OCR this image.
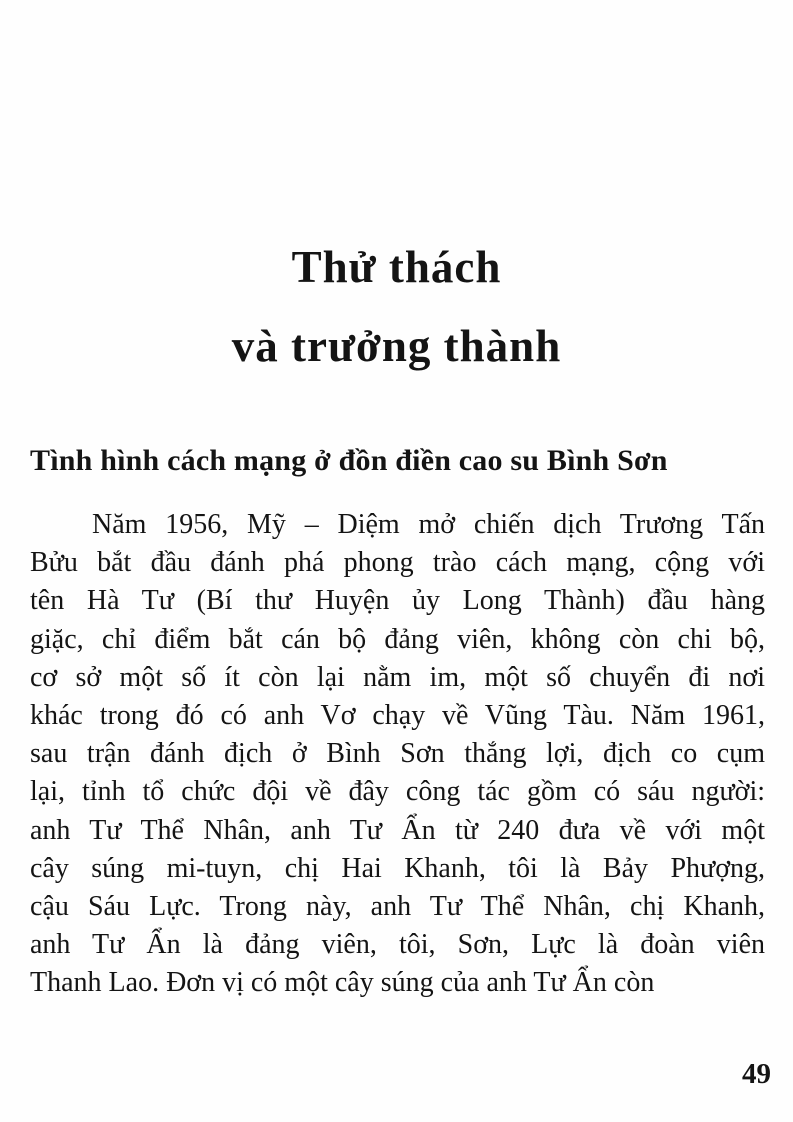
Thử thách
và trưởng thành
Tình hình cách mạng ở đồn điền cao su Bình Sơn
Năm 1956, Mỹ – Diệm mở chiến dịch Trương Tấn
Bửu bắt đầu đánh phá phong trào cách mạng, cộng với
tên Hà Tư (Bí thư Huyện ủy Long Thành) đầu hàng
giặc, chỉ điểm bắt cán bộ đảng viên, không còn chi bộ,
cơ sở một số ít còn lại nằm im, một số chuyển đi nơi
khác trong đó có anh Vơ chạy về Vũng Tàu. Năm 1961,
sau trận đánh địch ở Bình Sơn thắng lợi, địch co cụm
lại, tỉnh tổ chức đội về đây công tác gồm có sáu người:
anh Tư Thể Nhân, anh Tư Ẩn từ 240 đưa về với một
cây súng mi-tuyn, chị Hai Khanh, tôi là Bảy Phượng,
cậu Sáu Lực. Trong này, anh Tư Thể Nhân, chị Khanh,
anh Tư Ẩn là đảng viên, tôi, Sơn, Lực là đoàn viên
Thanh Lao. Đơn vị có một cây súng của anh Tư Ẩn còn
49
